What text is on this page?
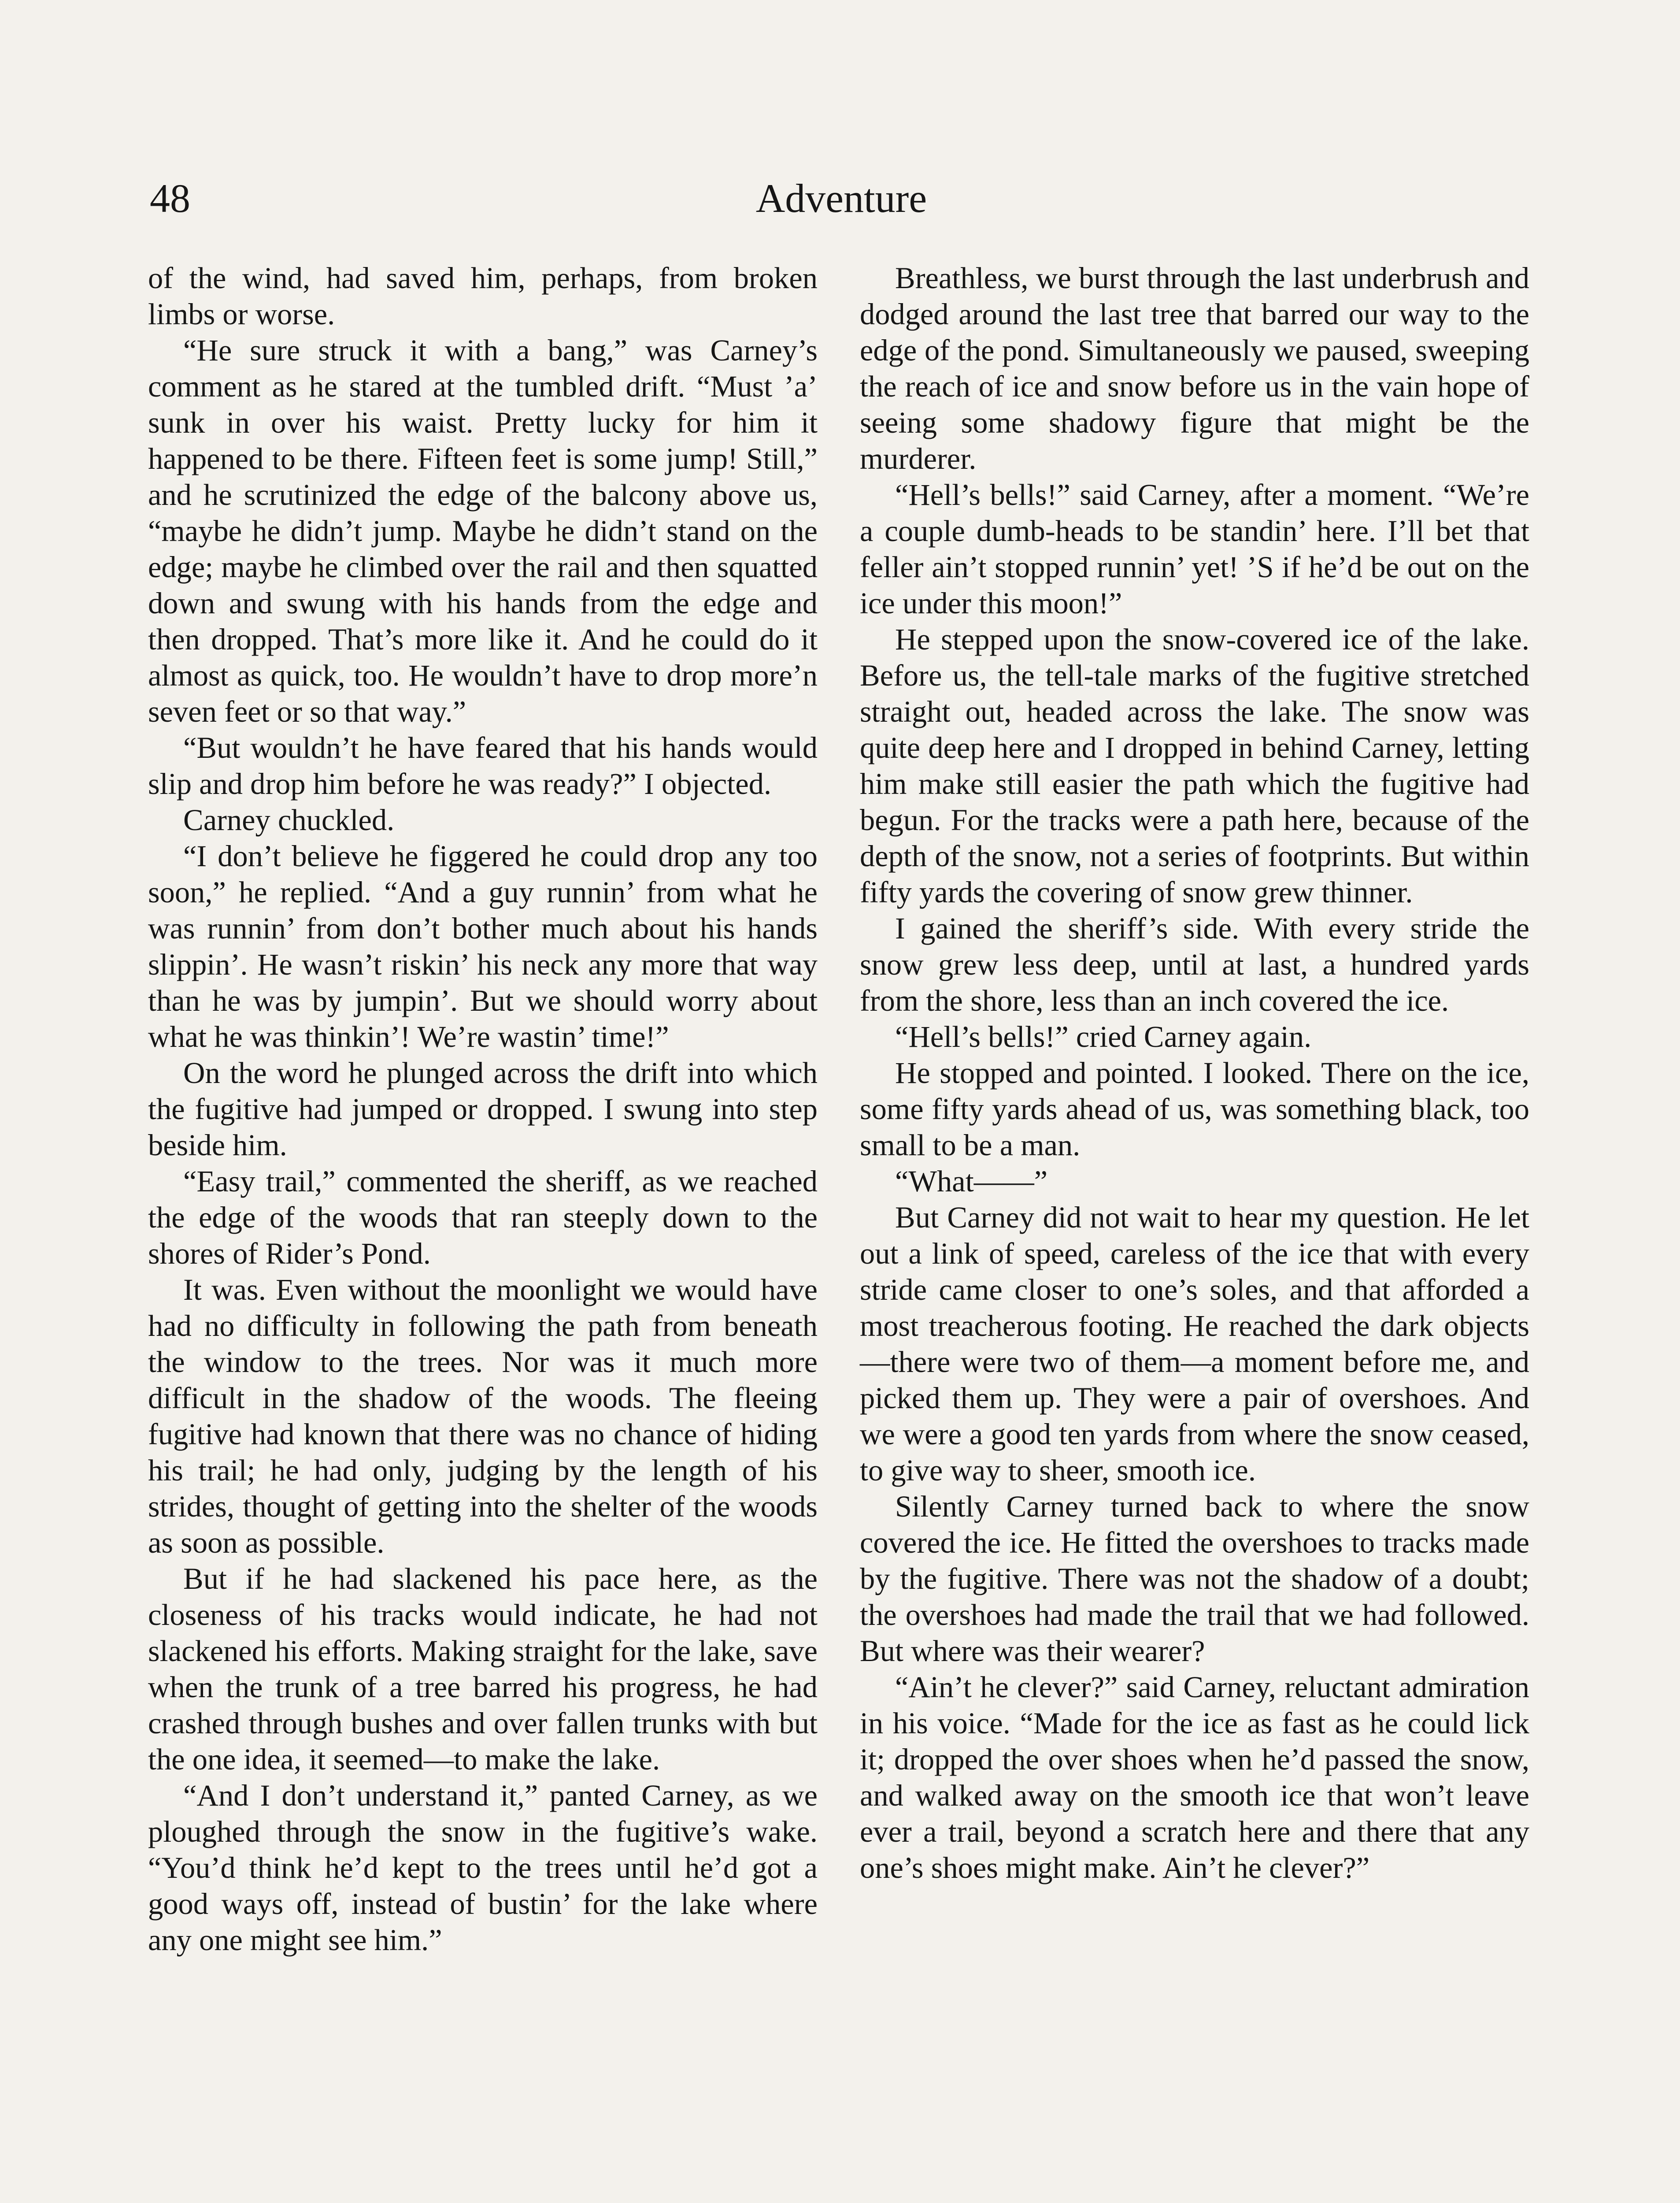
48	Adventure

of the wind, had saved him, perhaps, from broken limbs or worse.

“He sure struck it with a bang,” was Carney’s comment as he stared at the tumbled drift. “Must ’a’ sunk in over his waist. Pretty lucky for him it happened to be there. Fifteen feet is some jump! Still,” and he scrutinized the edge of the balcony above us, “maybe he didn’t jump. Maybe he didn’t stand on the edge; maybe he climbed over the rail and then squatted down and swung with his hands from the edge and then dropped. That’s more like it. And he could do it almost as quick, too. He wouldn’t have to drop more’n seven feet or so that way.”

“But wouldn’t he have feared that his hands would slip and drop him before he was ready?” I objected.

Carney chuckled.

“I don’t believe he figgered he could drop any too soon,” he replied. “And a guy runnin’ from what he was runnin’ from don’t bother much about his hands slippin’. He wasn’t riskin’ his neck any more that way than he was by jumpin’. But we should worry about what he was thinkin’! We’re wastin’ time!”

On the word he plunged across the drift into which the fugitive had jumped or dropped. I swung into step beside him.

“Easy trail,” commented the sheriff, as we reached the edge of the woods that ran steeply down to the shores of Rider’s Pond.

It was. Even without the moonlight we would have had no difficulty in following the path from beneath the window to the trees. Nor was it much more difficult in the shadow of the woods. The fleeing fugitive had known that there was no chance of hiding his trail; he had only, judging by the length of his strides, thought of getting into the shelter of the woods as soon as possible.

But if he had slackened his pace here, as the closeness of his tracks would indicate, he had not slackened his efforts. Making straight for the lake, save when the trunk of a tree barred his progress, he had crashed through bushes and over fallen trunks with but the one idea, it seemed—to make the lake.

“And I don’t understand it,” panted Carney, as we ploughed through the snow in the fugitive’s wake. “You’d think he’d kept to the trees until he’d got a good ways off, instead of bustin’ for the lake where any one might see him.”

Breathless, we burst through the last underbrush and dodged around the last tree that barred our way to the edge of the pond. Simultaneously we paused, sweeping the reach of ice and snow before us in the vain hope of seeing some shadowy figure that might be the murderer.

“Hell’s bells!” said Carney, after a moment. “We’re a couple dumb-heads to be standin’ here. I’ll bet that feller ain’t stopped runnin’ yet! ’S if he’d be out on the ice under this moon!”

He stepped upon the snow-covered ice of the lake. Before us, the tell-tale marks of the fugitive stretched straight out, headed across the lake. The snow was quite deep here and I dropped in behind Carney, letting him make still easier the path which the fugitive had begun. For the tracks were a path here, because of the depth of the snow, not a series of footprints. But within fifty yards the covering of snow grew thinner.

I gained the sheriff’s side. With every stride the snow grew less deep, until at last, a hundred yards from the shore, less than an inch covered the ice.

“Hell’s bells!” cried Carney again.

He stopped and pointed. I looked. There on the ice, some fifty yards ahead of us, was something black, too small to be a man.

“What——”

But Carney did not wait to hear my question. He let out a link of speed, careless of the ice that with every stride came closer to one’s soles, and that afforded a most treacherous footing. He reached the dark objects —there were two of them—a moment before me, and picked them up. They were a pair of overshoes. And we were a good ten yards from where the snow ceased, to give way to sheer, smooth ice.

Silently Carney turned back to where the snow covered the ice. He fitted the overshoes to tracks made by the fugitive. There was not the shadow of a doubt; the overshoes had made the trail that we had followed. But where was their wearer?

“Ain’t he clever?” said Carney, reluctant admiration in his voice. “Made for the ice as fast as he could lick it; dropped the over shoes when he’d passed the snow, and walked away on the smooth ice that won’t leave ever a trail, beyond a scratch here and there that any one’s shoes might make. Ain’t he clever?”
